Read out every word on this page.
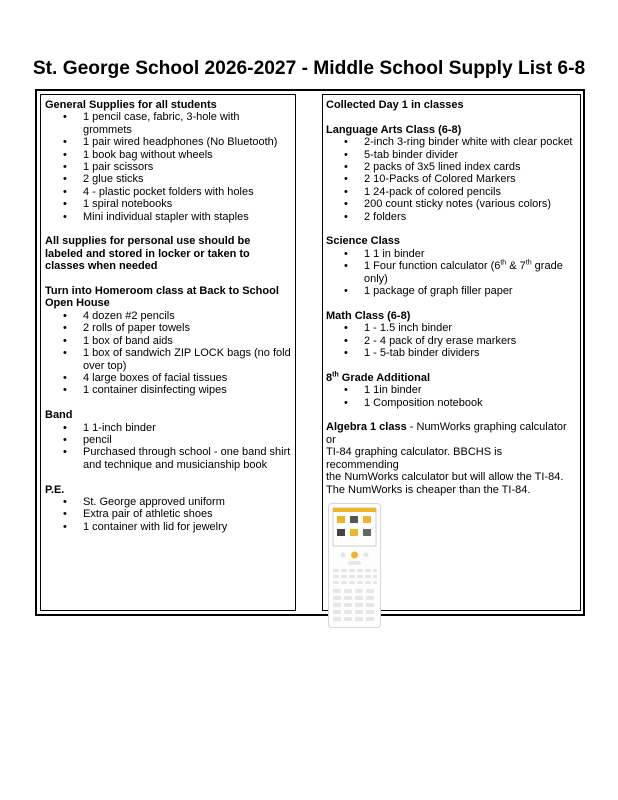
St. George School 2026-2027 - Middle School Supply List 6-8
General Supplies for all students
• 1 pencil case, fabric, 3-hole with grommets
• 1 pair wired headphones (No Bluetooth)
• 1 book bag without wheels
• 1 pair scissors
• 2 glue sticks
• 4 - plastic pocket folders with holes
• 1 spiral notebooks
• Mini individual stapler with staples
All supplies for personal use should be
labeled and stored in locker or taken to
classes when needed
Turn into Homeroom class at Back to School
Open House
• 4 dozen #2 pencils
• 2 rolls of paper towels
• 1 box of band aids
• 1 box of sandwich ZIP LOCK bags (no fold
over top)
• 4 large boxes of facial tissues
• 1 container disinfecting wipes
Band
• 1 1-inch binder
• pencil
• Purchased through school - one band shirt
and technique and musicianship book
P.E.
• St. George approved uniform
• Extra pair of athletic shoes
• 1 container with lid for jewelry
Collected Day 1 in classes
Language Arts Class (6-8)
• 2-inch 3-ring binder white with clear pocket
• 5-tab binder divider
• 2 packs of 3x5 lined index cards
• 2 10-Packs of Colored Markers
• 1 24-pack of colored pencils
• 200 count sticky notes (various colors)
• 2 folders
Science Class
• 1 1 in binder
• 1 Four function calculator (6th & 7th grade
only)
• 1 package of graph filler paper
Math Class (6-8)
• 1 - 1.5 inch binder
• 2 - 4 pack of dry erase markers
• 1 - 5-tab binder dividers
8th Grade Additional
• 1 1in binder
• 1 Composition notebook
Algebra 1 class - NumWorks graphing calculator or
TI-84 graphing calculator. BBCHS is recommending
the NumWorks calculator but will allow the TI-84.
The NumWorks is cheaper than the TI-84.
